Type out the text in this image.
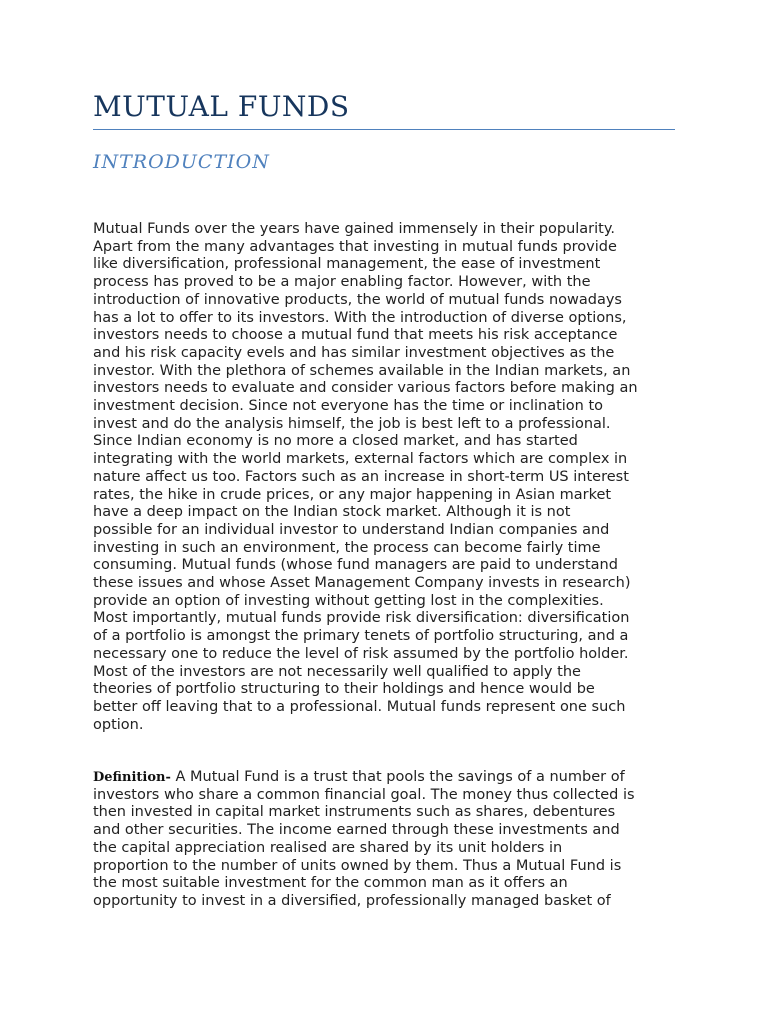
MUTUAL FUNDS
INTRODUCTION
Mutual Funds over the years have gained immensely in their popularity.
Apart from the many advantages that investing in mutual funds provide
like diversification, professional management, the ease of investment
process has proved to be a major enabling factor. However, with the
introduction of innovative products, the world of mutual funds nowadays
has a lot to offer to its investors. With the introduction of diverse options,
investors needs to choose a mutual fund that meets his risk acceptance
and his risk capacity evels and has similar investment objectives as the
investor. With the plethora of schemes available in the Indian markets, an
investors needs to evaluate and consider various factors before making an
investment decision. Since not everyone has the time or inclination to
invest and do the analysis himself, the job is best left to a professional.
Since Indian economy is no more a closed market, and has started
integrating with the world markets, external factors which are complex in
nature affect us too. Factors such as an increase in short-term US interest
rates, the hike in crude prices, or any major happening in Asian market
have a deep impact on the Indian stock market. Although it is not
possible for an individual investor to understand Indian companies and
investing in such an environment, the process can become fairly time
consuming. Mutual funds (whose fund managers are paid to understand
these issues and whose Asset Management Company invests in research)
provide an option of investing without getting lost in the complexities.
Most importantly, mutual funds provide risk diversification: diversification
of a portfolio is amongst the primary tenets of portfolio structuring, and a
necessary one to reduce the level of risk assumed by the portfolio holder.
Most of the investors are not necessarily well qualified to apply the
theories of portfolio structuring to their holdings and hence would be
better off leaving that to a professional. Mutual funds represent one such
option.
Definition- A Mutual Fund is a trust that pools the savings of a number of
investors who share a common financial goal. The money thus collected is
then invested in capital market instruments such as shares, debentures
and other securities. The income earned through these investments and
the capital appreciation realised are shared by its unit holders in
proportion to the number of units owned by them. Thus a Mutual Fund is
the most suitable investment for the common man as it offers an
opportunity to invest in a diversified, professionally managed basket of
